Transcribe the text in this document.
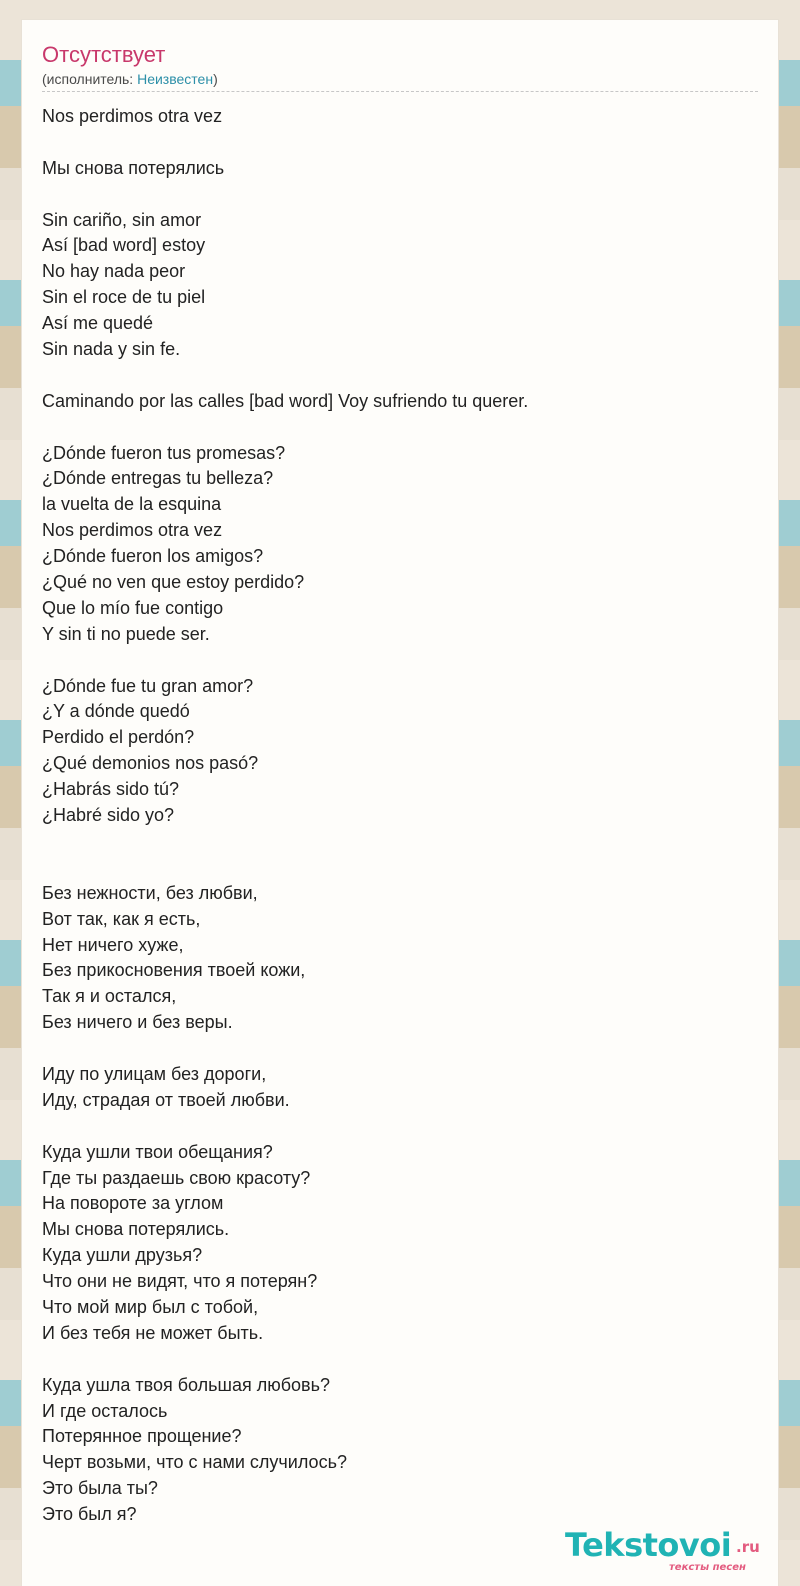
Отсутствует
(исполнитель: Неизвестен)
Nos perdimos otra vez
Мы снова потерялись
Sin cariño, sin amor
Así [bad word] estoy
No hay nada peor
Sin el roce de tu piel
Así me quedé
Sin nada y sin fe.
Caminando por las calles [bad word] Voy sufriendo tu querer.
¿Dónde fueron tus promesas?
¿Dónde entregas tu belleza?
la vuelta de la esquina
Nos perdimos otra vez
¿Dónde fueron los amigos?
¿Qué no ven que estoy perdido?
Que lo mío fue contigo
Y sin ti no puede ser.
¿Dónde fue tu gran amor?
¿Y a dónde quedó
Perdido el perdón?
¿Qué demonios nos pasó?
¿Habrás sido tú?
¿Habré sido yo?
Без нежности, без любви,
Вот так, как я есть,
Нет ничего хуже,
Без прикосновения твоей кожи,
Так я и остался,
Без ничего и без веры.
Иду по улицам без дороги,
Иду, страдая от твоей любви.
Куда ушли твои обещания?
Где ты раздаешь свою красоту?
На повороте за углом
Мы снова потерялись.
Куда ушли друзья?
Что они не видят, что я потерян?
Что мой мир был с тобой,
И без тебя не может быть.
Куда ушла твоя большая любовь?
И где осталось
Потерянное прощение?
Черт возьми, что с нами случилось?
Это была ты?
Это был я?
Tekstovoi .ru
тексты песен
